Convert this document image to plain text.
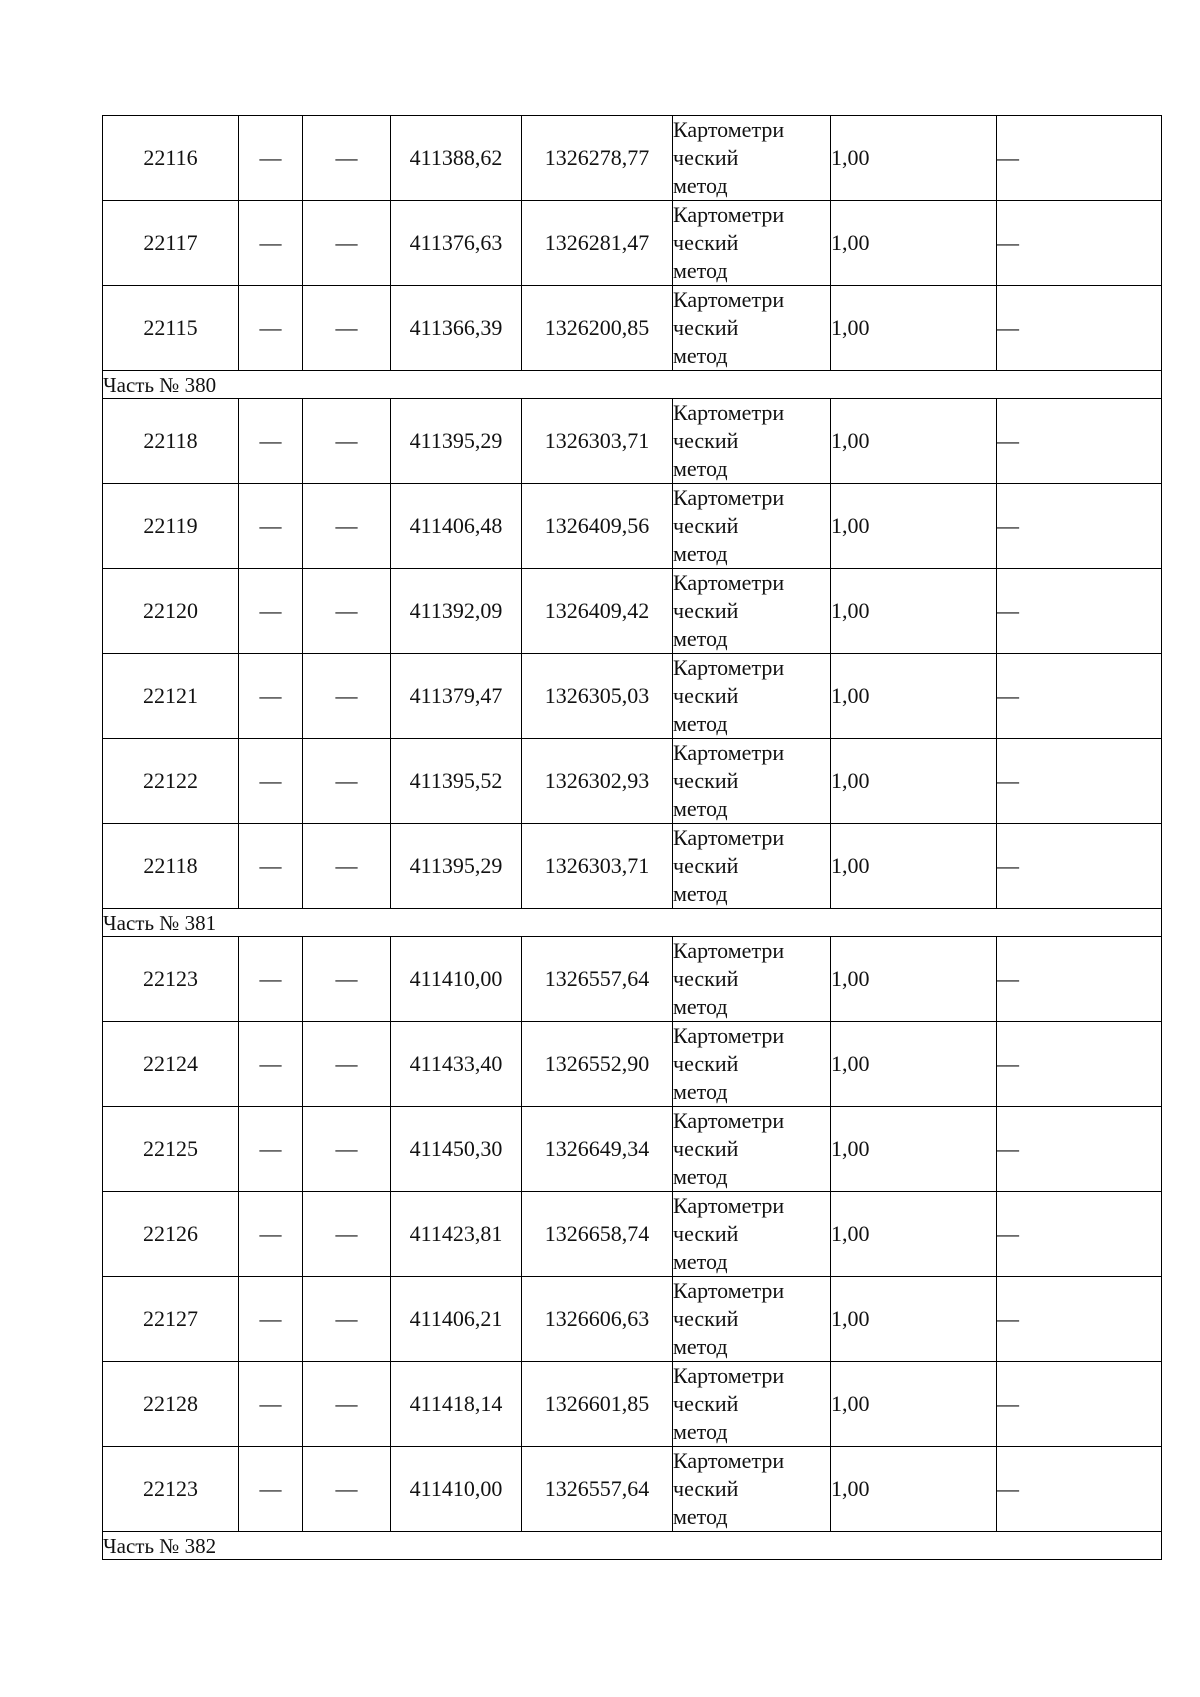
22116	—	—	411388,62	1326278,77	Картометри
ческий
метод	1,00	—
22117	—	—	411376,63	1326281,47	Картометри
ческий
метод	1,00	—
22115	—	—	411366,39	1326200,85	Картометри
ческий
метод	1,00	—
Часть № 380							
22118	—	—	411395,29	1326303,71	Картометри
ческий
метод	1,00	—
22119	—	—	411406,48	1326409,56	Картометри
ческий
метод	1,00	—
22120	—	—	411392,09	1326409,42	Картометри
ческий
метод	1,00	—
22121	—	—	411379,47	1326305,03	Картометри
ческий
метод	1,00	—
22122	—	—	411395,52	1326302,93	Картометри
ческий
метод	1,00	—
22118	—	—	411395,29	1326303,71	Картометри
ческий
метод	1,00	—
Часть № 381							
22123	—	—	411410,00	1326557,64	Картометри
ческий
метод	1,00	—
22124	—	—	411433,40	1326552,90	Картометри
ческий
метод	1,00	—
22125	—	—	411450,30	1326649,34	Картометри
ческий
метод	1,00	—
22126	—	—	411423,81	1326658,74	Картометри
ческий
метод	1,00	—
22127	—	—	411406,21	1326606,63	Картометри
ческий
метод	1,00	—
22128	—	—	411418,14	1326601,85	Картометри
ческий
метод	1,00	—
22123	—	—	411410,00	1326557,64	Картометри
ческий
метод	1,00	—
Часть № 382							
